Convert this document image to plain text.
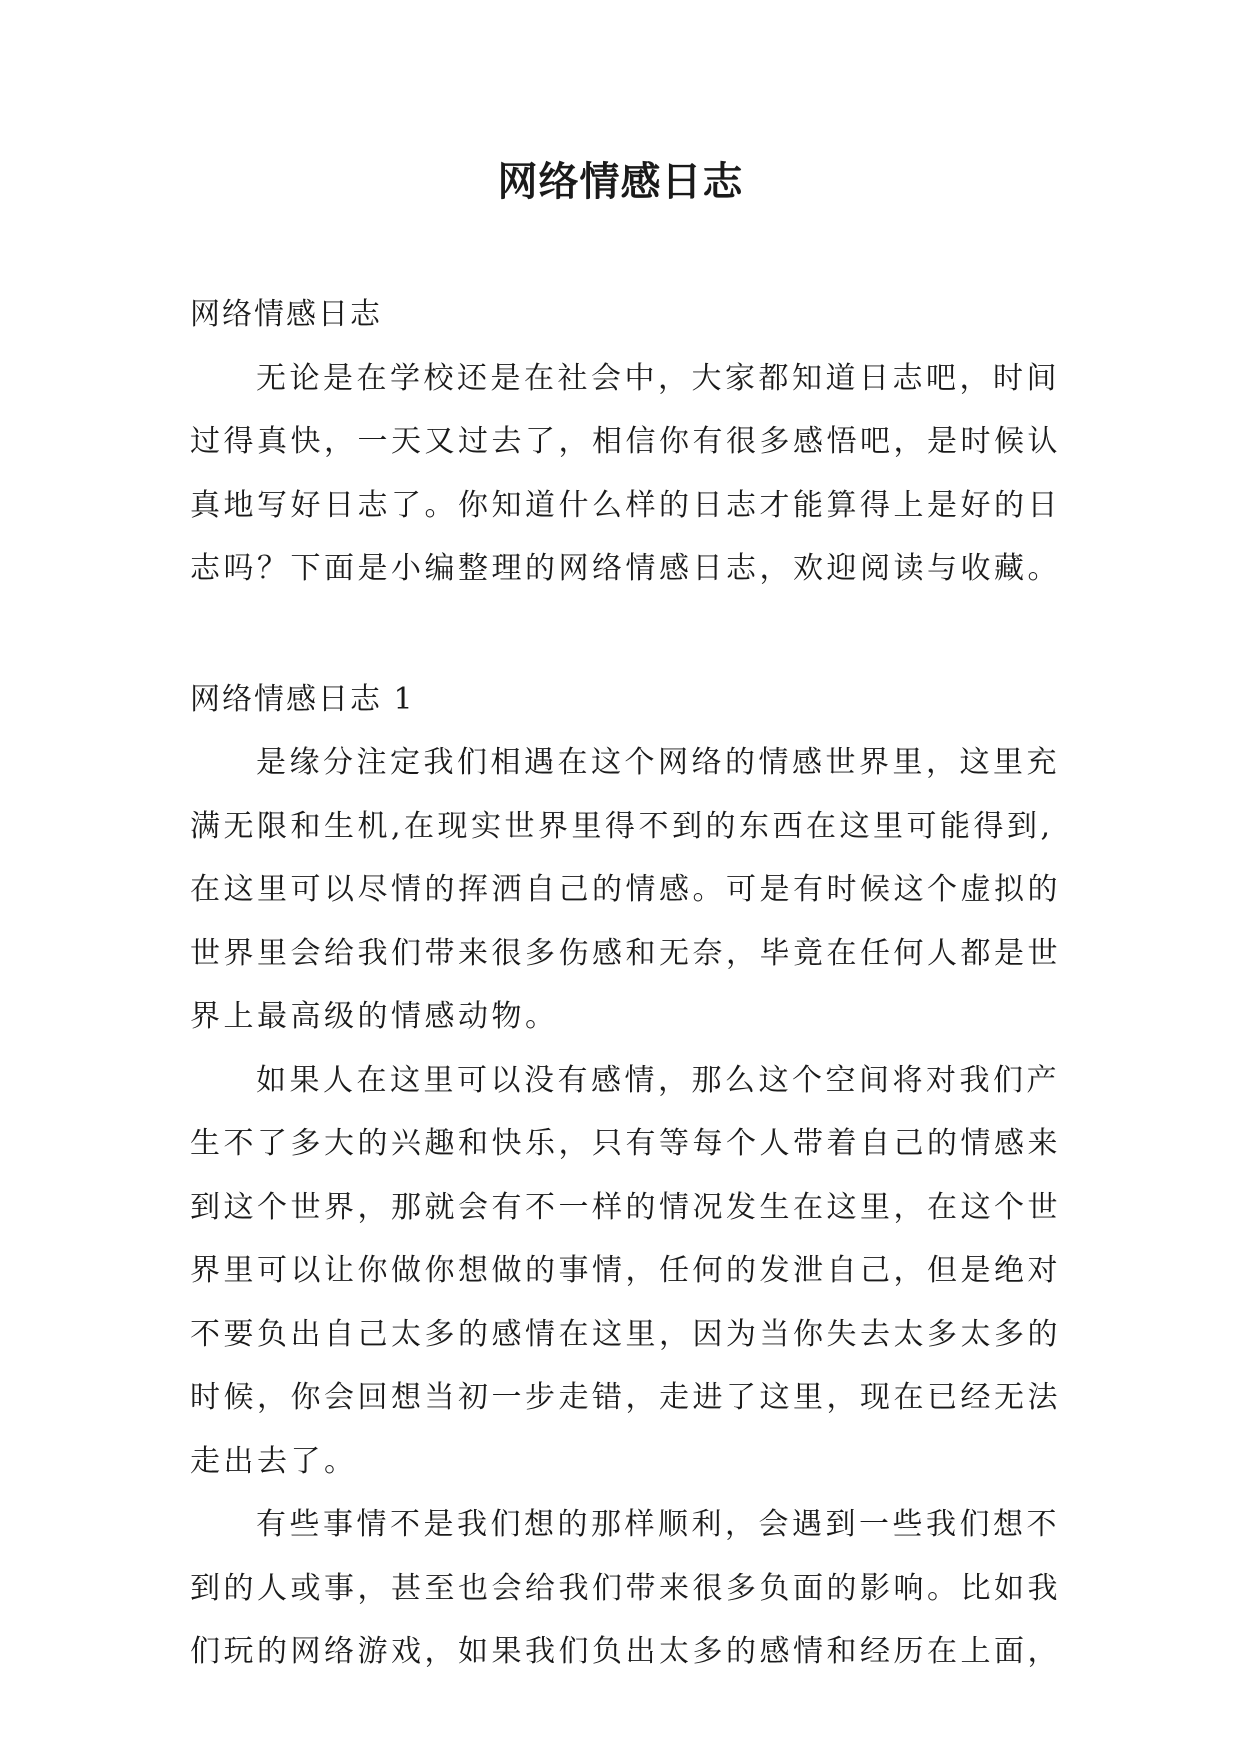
网络情感日志
网络情感日志
无论是在学校还是在社会中，大家都知道日志吧，时间
过得真快，一天又过去了，相信你有很多感悟吧，是时候认
真地写好日志了。你知道什么样的日志才能算得上是好的日
志吗？下面是小编整理的网络情感日志，欢迎阅读与收藏。
网络情感日志 1
是缘分注定我们相遇在这个网络的情感世界里，这里充
满无限和生机,在现实世界里得不到的东西在这里可能得到,
在这里可以尽情的挥洒自己的情感。可是有时候这个虚拟的
世界里会给我们带来很多伤感和无奈，毕竟在任何人都是世
界上最高级的情感动物。
如果人在这里可以没有感情，那么这个空间将对我们产
生不了多大的兴趣和快乐，只有等每个人带着自己的情感来
到这个世界，那就会有不一样的情况发生在这里，在这个世
界里可以让你做你想做的事情，任何的发泄自己，但是绝对
不要负出自己太多的感情在这里，因为当你失去太多太多的
时候，你会回想当初一步走错，走进了这里，现在已经无法
走出去了。
有些事情不是我们想的那样顺利，会遇到一些我们想不
到的人或事，甚至也会给我们带来很多负面的影响。比如我
们玩的网络游戏，如果我们负出太多的感情和经历在上面，
